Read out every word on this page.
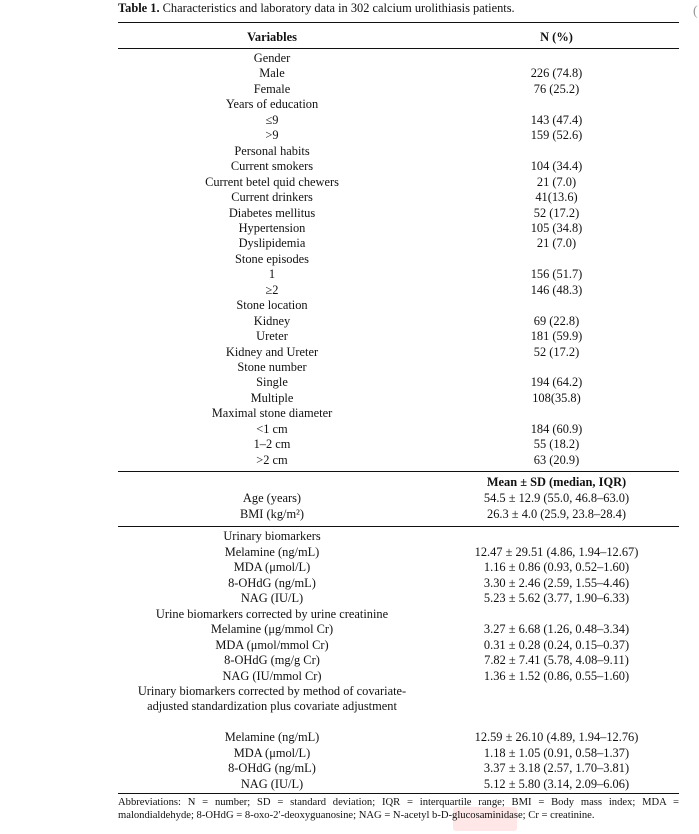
(
Table 1. Characteristics and laboratory data in 302 calcium urolithiasis patients.
Variables	N (%)
Gender
Male	226 (74.8)
Female	76 (25.2)
Years of education
≤9	143 (47.4)
>9	159 (52.6)
Personal habits
Current smokers	104 (34.4)
Current betel quid chewers	21 (7.0)
Current drinkers	41(13.6)
Diabetes mellitus	52 (17.2)
Hypertension	105 (34.8)
Dyslipidemia	21 (7.0)
Stone episodes
1	156 (51.7)
≥2	146 (48.3)
Stone location
Kidney	69 (22.8)
Ureter	181 (59.9)
Kidney and Ureter	52 (17.2)
Stone number
Single	194 (64.2)
Multiple	108(35.8)
Maximal stone diameter
<1 cm	184 (60.9)
1–2 cm	55 (18.2)
>2 cm	63 (20.9)
Mean ± SD (median, IQR)
Age (years)	54.5 ± 12.9 (55.0, 46.8–63.0)
BMI (kg/m²)	26.3 ± 4.0 (25.9, 23.8–28.4)
Urinary biomarkers
Melamine (ng/mL)	12.47 ± 29.51 (4.86, 1.94–12.67)
MDA (μmol/L)	1.16 ± 0.86 (0.93, 0.52–1.60)
8-OHdG (ng/mL)	3.30 ± 2.46 (2.59, 1.55–4.46)
NAG (IU/L)	5.23 ± 5.62 (3.77, 1.90–6.33)
Urine biomarkers corrected by urine creatinine
Melamine (μg/mmol Cr)	3.27 ± 6.68 (1.26, 0.48–3.34)
MDA (μmol/mmol Cr)	0.31 ± 0.28 (0.24, 0.15–0.37)
8-OHdG (mg/g Cr)	7.82 ± 7.41 (5.78, 4.08–9.11)
NAG (IU/mmol Cr)	1.36 ± 1.52 (0.86, 0.55–1.60)
Urinary biomarkers corrected by method of covariate-adjusted standardization plus covariate adjustment
Melamine (ng/mL)	12.59 ± 26.10 (4.89, 1.94–12.76)
MDA (μmol/L)	1.18 ± 1.05 (0.91, 0.58–1.37)
8-OHdG (ng/mL)	3.37 ± 3.18 (2.57, 1.70–3.81)
NAG (IU/L)	5.12 ± 5.80 (3.14, 2.09–6.06)
Abbreviations: N = number; SD = standard deviation; IQR = interquartile range; BMI = Body mass index; MDA = malondialdehyde; 8-OHdG = 8-oxo-2′-deoxyguanosine; NAG = N-acetyl b-D-glucosaminidase; Cr = creatinine.
